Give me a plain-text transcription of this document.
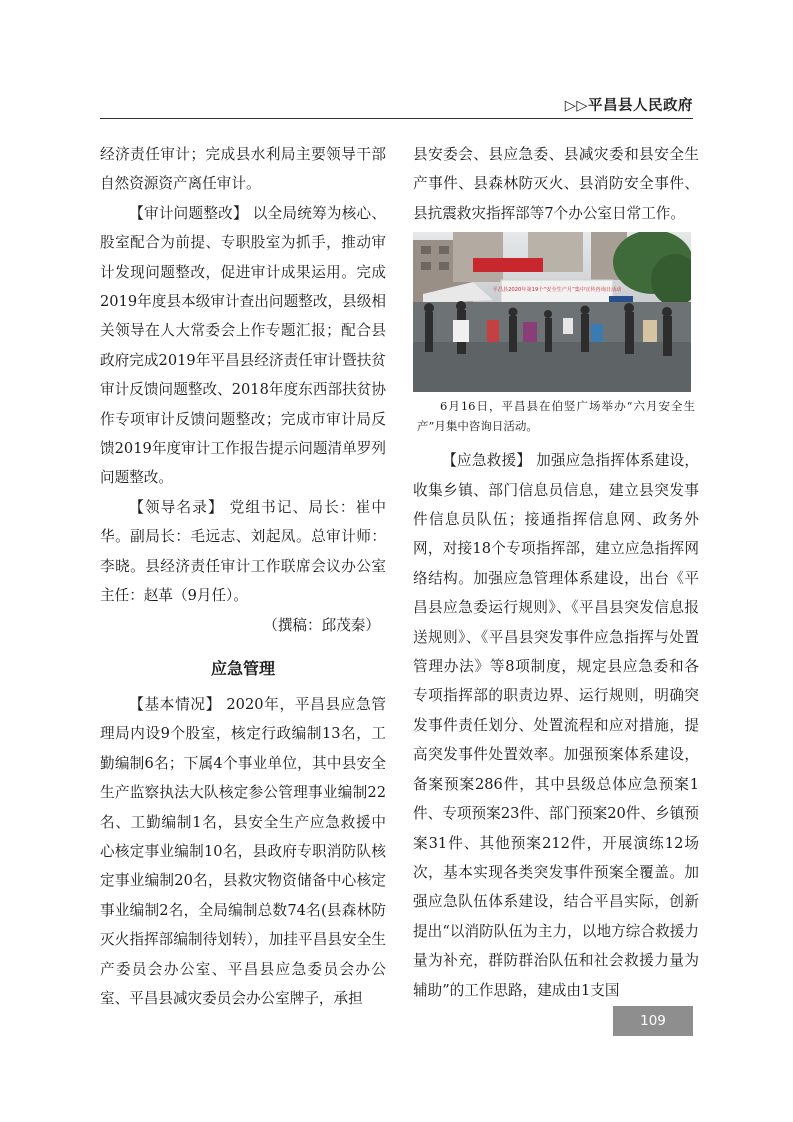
▷▷平昌县人民政府

经济责任审计；完成县水利局主要领导干部自然资源资产离任审计。

【审计问题整改】 以全局统筹为核心、股室配合为前提、专职股室为抓手，推动审计发现问题整改，促进审计成果运用。完成2019年度县本级审计查出问题整改，县级相关领导在人大常委会上作专题汇报；配合县政府完成2019年平昌县经济责任审计暨扶贫审计反馈问题整改、2018年度东西部扶贫协作专项审计反馈问题整改；完成市审计局反馈2019年度审计工作报告提示问题清单罗列问题整改。

【领导名录】 党组书记、局长：崔中华。副局长：毛远志、刘起凤。总审计师：李晓。县经济责任审计工作联席会议办公室主任：赵革（9月任）。

（撰稿：邱茂秦）

应急管理

【基本情况】 2020年，平昌县应急管理局内设9个股室，核定行政编制13名，工勤编制6名；下属4个事业单位，其中县安全生产监察执法大队核定参公管理事业编制22名、工勤编制1名，县安全生产应急救援中心核定事业编制10名，县政府专职消防队核定事业编制20名，县救灾物资储备中心核定事业编制2名，全局编制总数74名(县森林防灭火指挥部编制待划转），加挂平昌县安全生产委员会办公室、平昌县应急委员会办公室、平昌县减灾委员会办公室牌子，承担

县安委会、县应急委、县减灾委和县安全生产事件、县森林防灭火、县消防安全事件、县抗震救灾指挥部等7个办公室日常工作。

平昌县2020年第19个“安全生产月”集中宣传咨询日活动

6月16日，平昌县在伯竖广场举办“六月安全生产”月集中咨询日活动。

【应急救援】 加强应急指挥体系建设，收集乡镇、部门信息员信息，建立县突发事件信息员队伍；接通指挥信息网、政务外网，对接18个专项指挥部，建立应急指挥网络结构。加强应急管理体系建设，出台《平昌县应急委运行规则》、《平昌县突发信息报送规则》、《平昌县突发事件应急指挥与处置管理办法》等8项制度，规定县应急委和各专项指挥部的职责边界、运行规则，明确突发事件责任划分、处置流程和应对措施，提高突发事件处置效率。加强预案体系建设，备案预案286件，其中县级总体应急预案1件、专项预案23件、部门预案20件、乡镇预案31件、其他预案212件，开展演练12场次，基本实现各类突发事件预案全覆盖。加强应急队伍体系建设，结合平昌实际，创新提出“以消防队伍为主力，以地方综合救援力量为补充，群防群治队伍和社会救援力量为辅助”的工作思路，建成由1支国

109
